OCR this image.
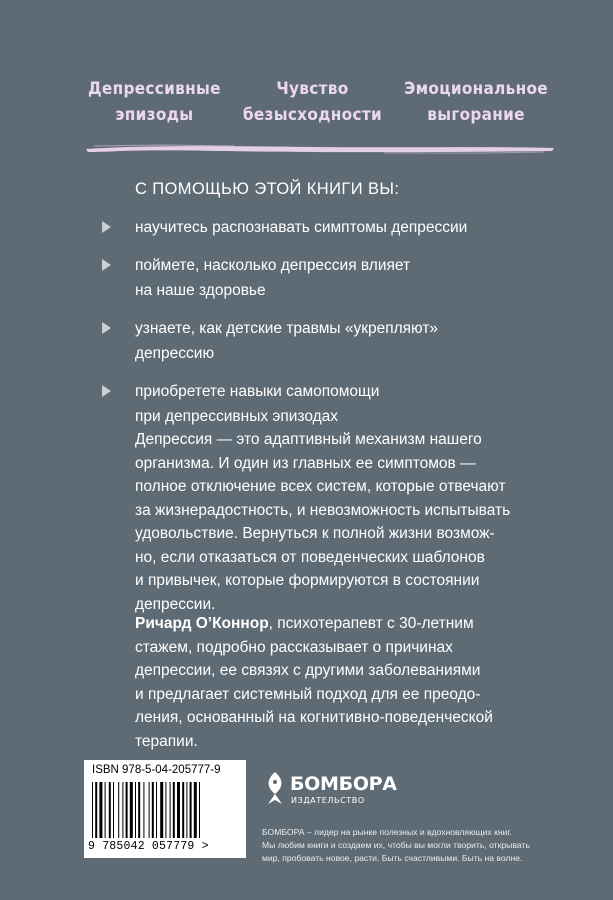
Депрессивные
эпизоды
Чувство
безысходности
Эмоциональное
выгорание
С ПОМОЩЬЮ ЭТОЙ КНИГИ ВЫ:
научитесь распознавать симптомы депрессии
поймете, насколько депрессия влияет
на наше здоровье
узнаете, как детские травмы «укрепляют»
депрессию
приобретете навыки самопомощи
при депрессивных эпизодах
Депрессия — это адаптивный механизм нашего
организма. И один из главных ее симптомов —
полное отключение всех систем, которые отвечают
за жизнерадостность, и невозможность испытывать
удовольствие. Вернуться к полной жизни возмож-
но, если отказаться от поведенческих шаблонов
и привычек, которые формируются в состоянии
депрессии.
Ричард О’Коннор, психотерапевт с 30-летним
стажем, подробно рассказывает о причинах
депрессии, ее связях с другими заболеваниями
и предлагает системный подход для ее преодо-
ления, основанный на когнитивно-поведенческой
терапии.
ISBN 978-5-04-205777-9
9 785042 057779 >
БОМБОРА
ИЗДАТЕЛЬСТВО
БОМБОРА – лидер на рынке полезных и вдохновляющих книг.
Мы любим книги и создаем их, чтобы вы могли творить, открывать
мир, пробовать новое, расти. Быть счастливыми. Быть на волне.
